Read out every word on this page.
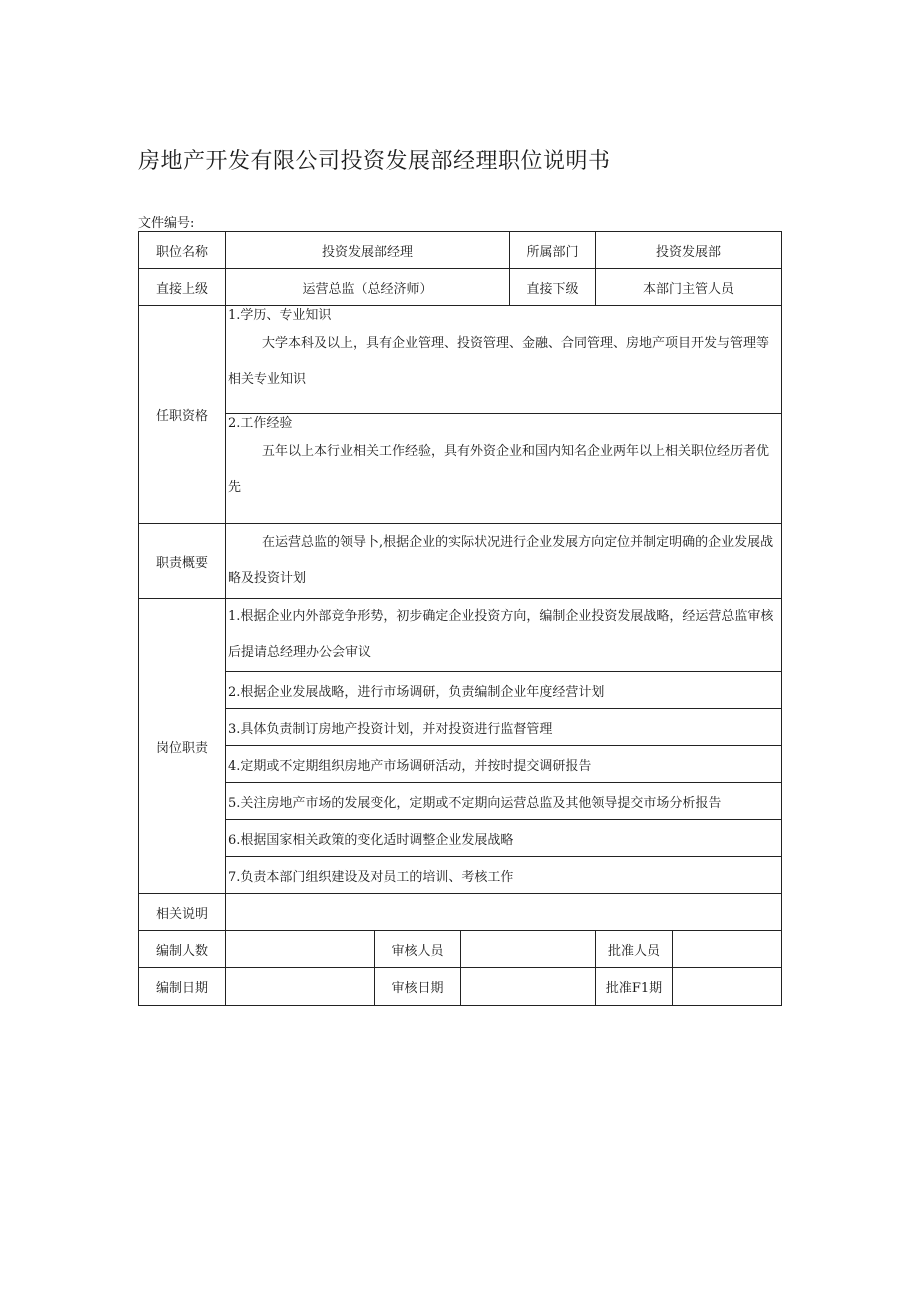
房地产开发有限公司投资发展部经理职位说明书
文件编号:
职位名称	投资发展部经理			所属部门	投资发展部	
直接上级	运营总监（总经济师）			直接下级	本部门主管人员	
任职资格	1.学历、专业知识
大学本科及以上，具有企业管理、投资管理、金融、合同管理、房地产项目开发与管理等相关专业知识					

	2.工作经验
五年以上本行业相关工作经验，具有外资企业和国内知名企业两年以上相关职位经历者优先					

职责概要	在运营总监的领导卜,根据企业的实际状况进行企业发展方向定位并制定明确的企业发展战略及投资计划					

岗位职责	1.根据企业内外部竞争形势，初步确定企业投资方向，编制企业投资发展战略，经运营总监审核后提请总经理办公会审议					

	2.根据企业发展战略，进行市场调研，负责编制企业年度经营计划					
	3.具体负责制订房地产投资计划，并对投资进行监督管理					
	4.定期或不定期组织房地产市场调研活动，并按时提交调研报告					
	5.关注房地产市场的发展变化，定期或不定期向运营总监及其他领导提交市场分析报告					
	6.根据国家相关政策的变化适时调整企业发展战略					
	7.负责本部门组织建设及对员工的培训、考核工作					
相关说明						
编制人数		审核人员			批准人员	
编制日期		审核日期			批准F1期	
